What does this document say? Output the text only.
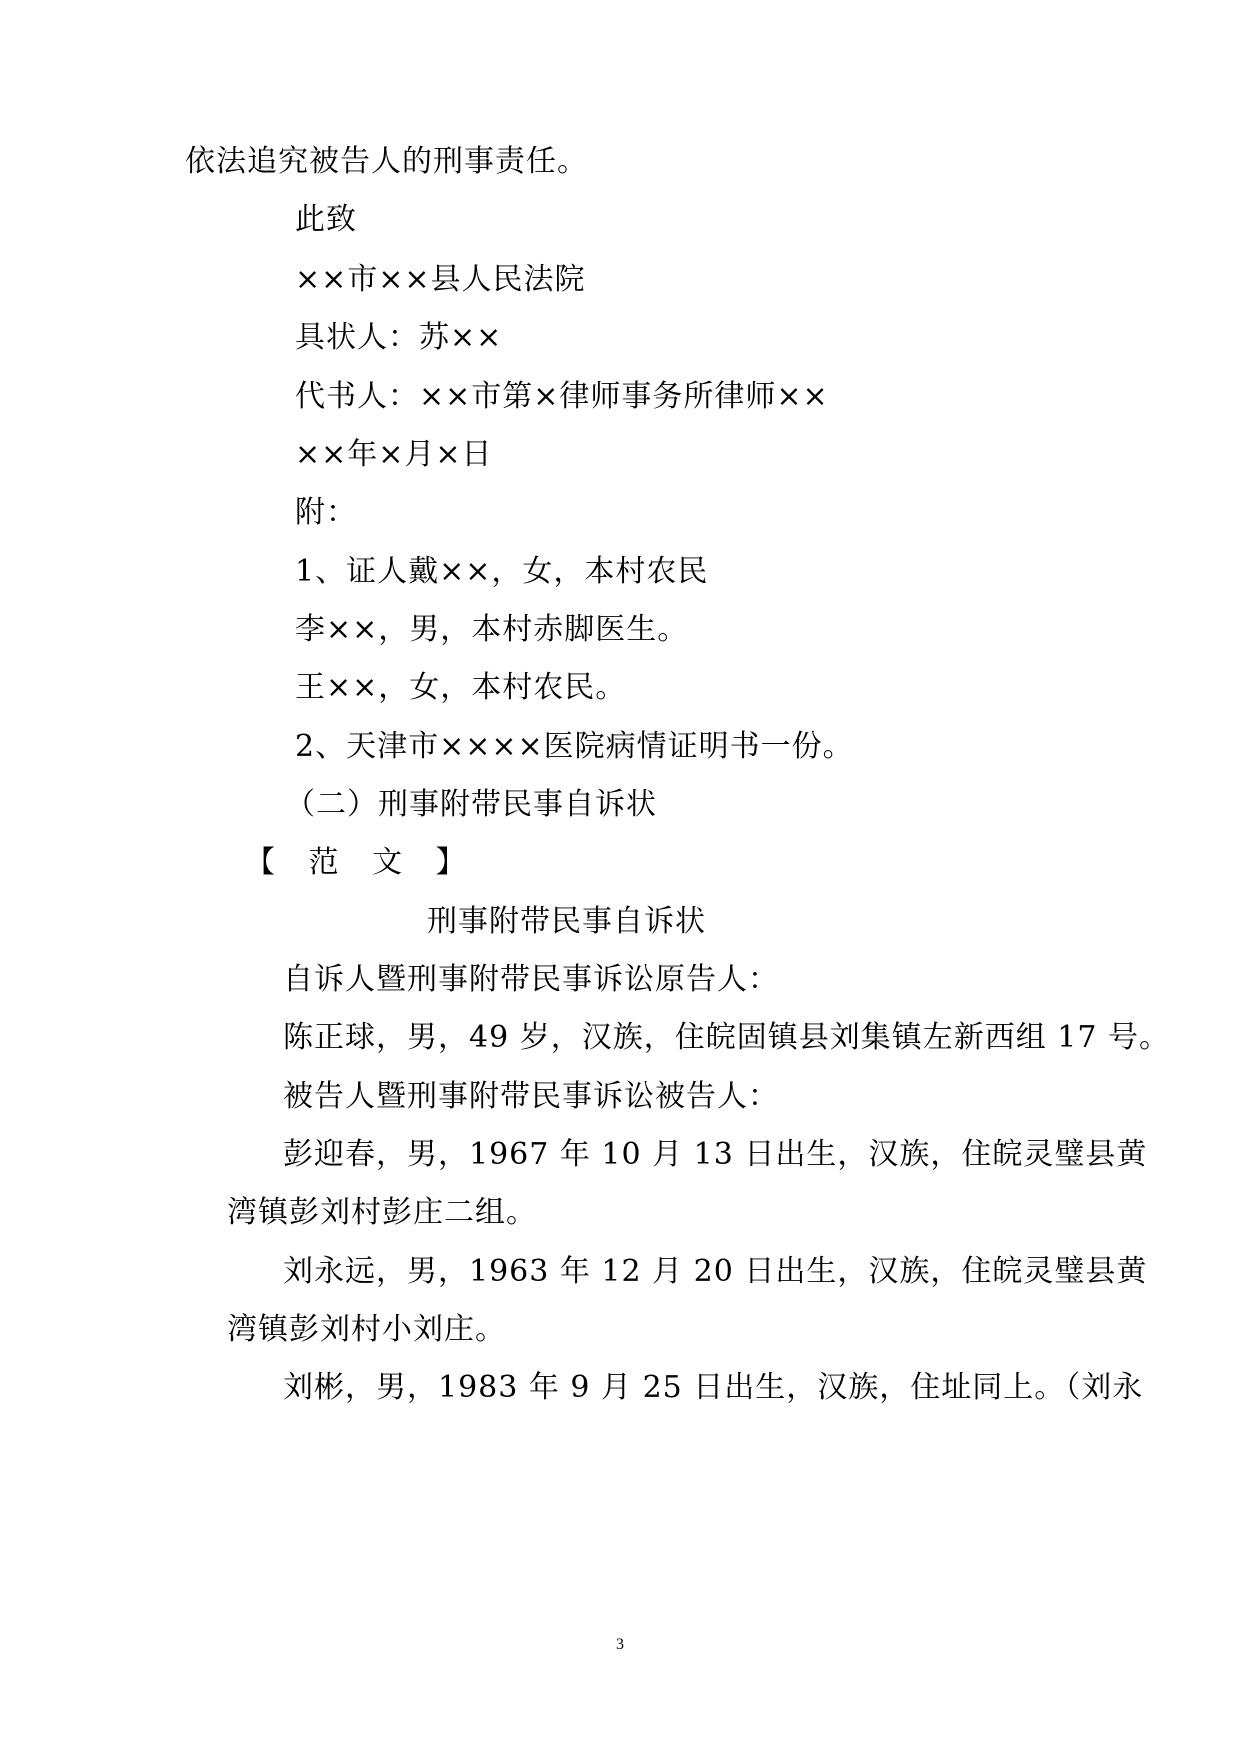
依法追究被告人的刑事责任。
此致
××市××县人民法院
具状人：苏××
代书人：××市第×律师事务所律师××
××年×月×日
附：
1、证人戴××，女，本村农民
李××，男，本村赤脚医生。
王××，女，本村农民。
2、天津市××××医院病情证明书一份。
（二）刑事附带民事自诉状
【 范 文 】
刑事附带民事自诉状
自诉人暨刑事附带民事诉讼原告人：
陈正球，男，49 岁，汉族，住皖固镇县刘集镇左新西组 17 号。
被告人暨刑事附带民事诉讼被告人：
彭迎春，男，1967 年 10 月 13 日出生，汉族，住皖灵璧县黄
湾镇彭刘村彭庄二组。
刘永远，男，1963 年 12 月 20 日出生，汉族，住皖灵璧县黄
湾镇彭刘村小刘庄。
刘彬，男，1983 年 9 月 25 日出生，汉族，住址同上。（刘永
3
